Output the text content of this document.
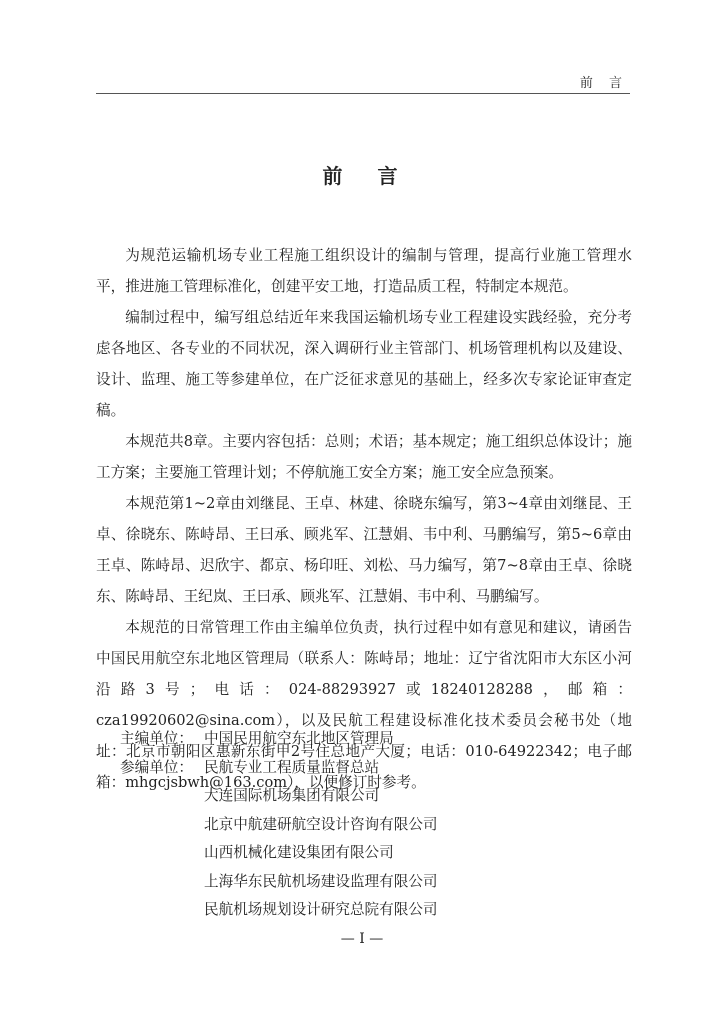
前 言
前 言

为规范运输机场专业工程施工组织设计的编制与管理，提高行业施工管理水平，推进施工管理标准化，创建平安工地，打造品质工程，特制定本规范。

编制过程中，编写组总结近年来我国运输机场专业工程建设实践经验，充分考虑各地区、各专业的不同状况，深入调研行业主管部门、机场管理机构以及建设、设计、监理、施工等参建单位，在广泛征求意见的基础上，经多次专家论证审查定稿。

本规范共8章。主要内容包括：总则；术语；基本规定；施工组织总体设计；施工方案；主要施工管理计划；不停航施工安全方案；施工安全应急预案。

本规范第1~2章由刘继昆、王卓、林建、徐晓东编写，第3~4章由刘继昆、王卓、徐晓东、陈峙昂、王曰承、顾兆军、江慧娟、韦中利、马鹏编写，第5~6章由王卓、陈峙昂、迟欣宇、都京、杨印旺、刘松、马力编写，第7~8章由王卓、徐晓东、陈峙昂、王纪岚、王曰承、顾兆军、江慧娟、韦中利、马鹏编写。

本规范的日常管理工作由主编单位负责，执行过程中如有意见和建议，请函告中国民用航空东北地区管理局（联系人：陈峙昂；地址：辽宁省沈阳市大东区小河沿路3号；电话：024-88293927或18240128288，邮箱：cza19920602@sina.com），以及民航工程建设标准化技术委员会秘书处（地址：北京市朝阳区惠新东街甲2号住总地产大厦；电话：010-64922342；电子邮箱：mhgcjsbwh@163.com），以便修订时参考。

主编单位： 中国民用航空东北地区管理局
参编单位： 民航专业工程质量监督总站
大连国际机场集团有限公司
北京中航建研航空设计咨询有限公司
山西机械化建设集团有限公司
上海华东民航机场建设监理有限公司
民航机场规划设计研究总院有限公司
— I —
